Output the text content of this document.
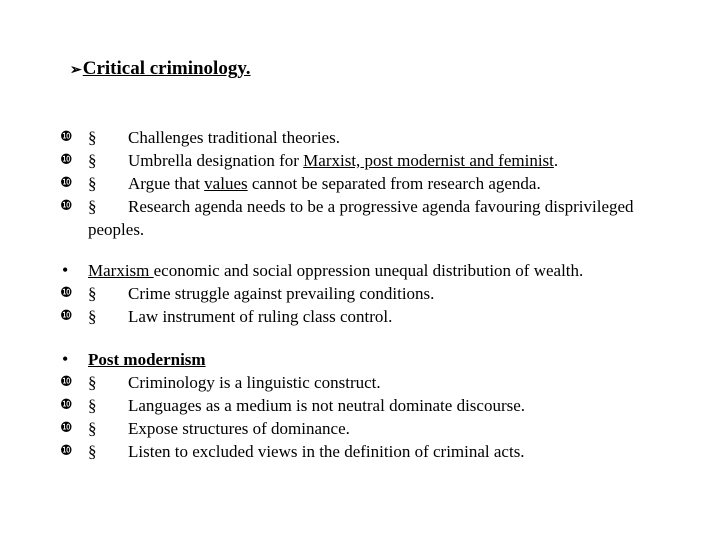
➢Critical criminology.
❿ § Challenges traditional theories.
❿ § Umbrella designation for Marxist, post modernist and feminist.
❿ § Argue that values cannot be separated from research agenda.
❿ § Research agenda needs to be a progressive agenda favouring disprivileged peoples.
•	Marxism economic and social oppression unequal distribution of wealth.
❿ § Crime struggle against prevailing conditions.
❿ § Law instrument of ruling class control.
•	Post modernism
❿ § Criminology is a linguistic construct.
❿ § Languages as a medium is not neutral dominate discourse.
❿ § Expose structures of dominance.
❿ § Listen to excluded views in the definition of criminal acts.
